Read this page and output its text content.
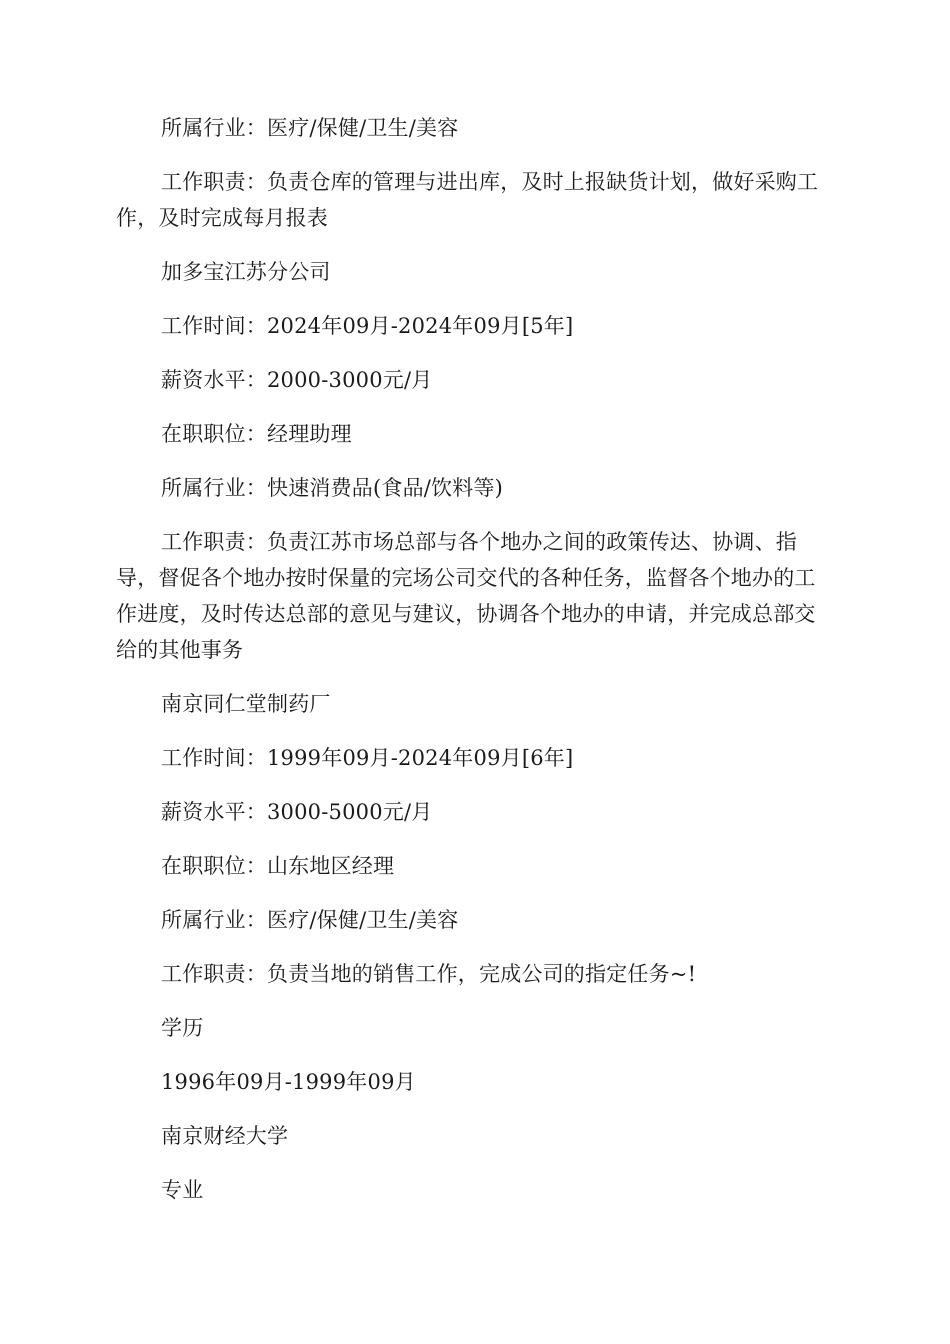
所属行业：医疗/保健/卫生/美容

工作职责：负责仓库的管理与进出库，及时上报缺货计划，做好采购工作，及时完成每月报表

加多宝江苏分公司

工作时间：2024年09月-2024年09月[5年]

薪资水平：2000-3000元/月

在职职位：经理助理

所属行业：快速消费品(食品/饮料等)

工作职责：负责江苏市场总部与各个地办之间的政策传达、协调、指导，督促各个地办按时保量的完场公司交代的各种任务，监督各个地办的工作进度，及时传达总部的意见与建议，协调各个地办的申请，并完成总部交给的其他事务

南京同仁堂制药厂

工作时间：1999年09月-2024年09月[6年]

薪资水平：3000-5000元/月

在职职位：山东地区经理

所属行业：医疗/保健/卫生/美容

工作职责：负责当地的销售工作，完成公司的指定任务~!

学历

1996年09月-1999年09月

南京财经大学

专业
